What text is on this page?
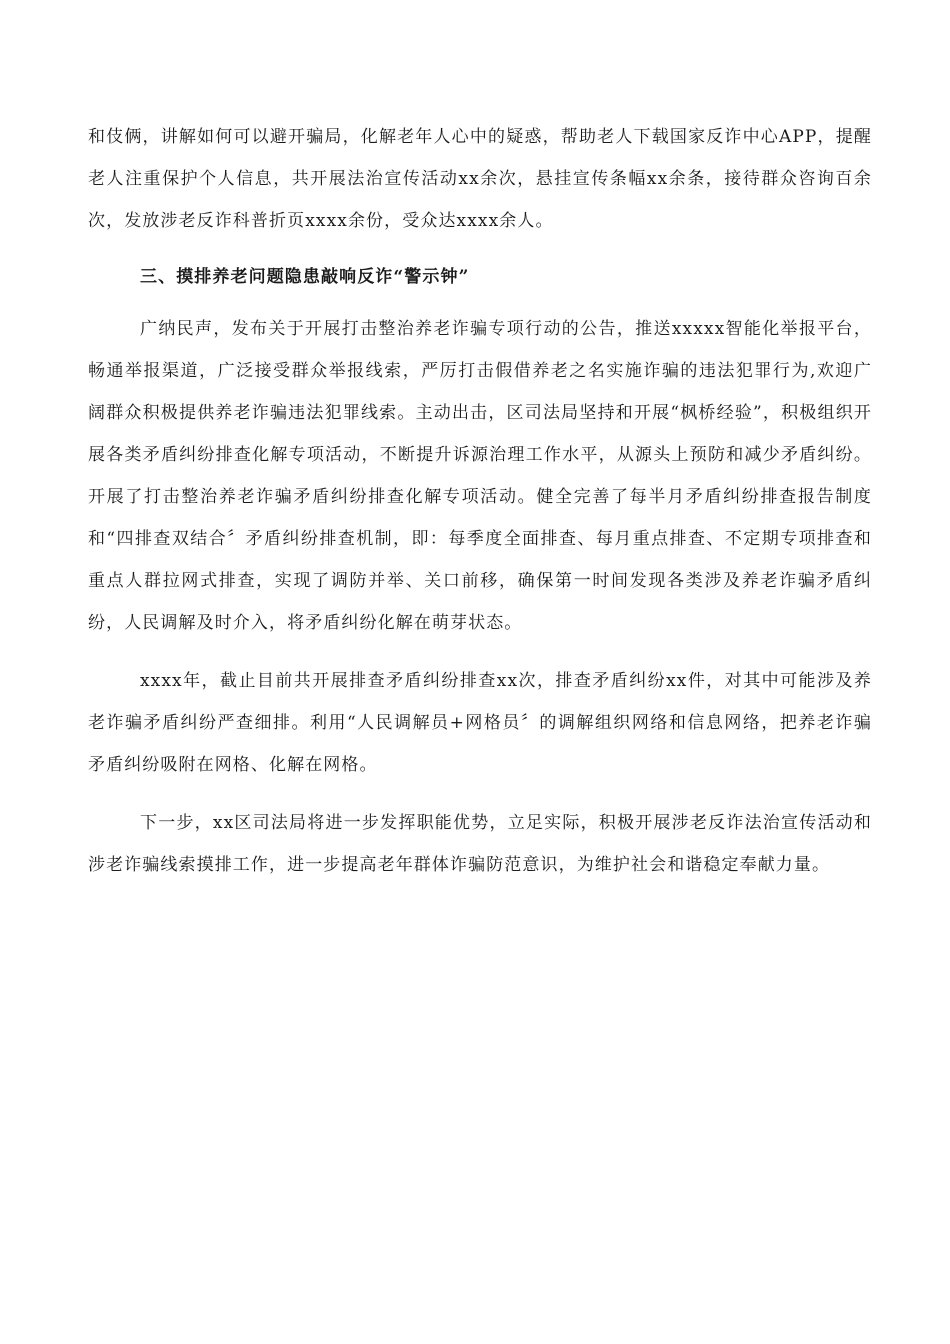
和伎俩，讲解如何可以避开骗局，化解老年人心中的疑惑，帮助老人下载国家反诈中心APP，提醒老人注重保护个人信息，共开展法治宣传活动xx余次，悬挂宣传条幅xx余条，接待群众咨询百余次，发放涉老反诈科普折页xxxx余份，受众达xxxx余人。

三、摸排养老问题隐患敲响反诈“警示钟”

广纳民声，发布关于开展打击整治养老诈骗专项行动的公告，推送xxxxx智能化举报平台，畅通举报渠道，广泛接受群众举报线索，严厉打击假借养老之名实施诈骗的违法犯罪行为,欢迎广阔群众积极提供养老诈骗违法犯罪线索。主动出击，区司法局坚持和开展“枫桥经验”，积极组织开展各类矛盾纠纷排查化解专项活动，不断提升诉源治理工作水平，从源头上预防和减少矛盾纠纷。开展了打击整治养老诈骗矛盾纠纷排查化解专项活动。健全完善了每半月矛盾纠纷排查报告制度和“四排查双结合〞矛盾纠纷排查机制，即：每季度全面排查、每月重点排查、不定期专项排查和重点人群拉网式排查，实现了调防并举、关口前移，确保第一时间发现各类涉及养老诈骗矛盾纠纷，人民调解及时介入，将矛盾纠纷化解在萌芽状态。

xxxx年，截止目前共开展排查矛盾纠纷排查xx次，排查矛盾纠纷xx件，对其中可能涉及养老诈骗矛盾纠纷严查细排。利用“人民调解员+网格员〞的调解组织网络和信息网络，把养老诈骗矛盾纠纷吸附在网格、化解在网格。

下一步，xx区司法局将进一步发挥职能优势，立足实际，积极开展涉老反诈法治宣传活动和涉老诈骗线索摸排工作，进一步提高老年群体诈骗防范意识，为维护社会和谐稳定奉献力量。
